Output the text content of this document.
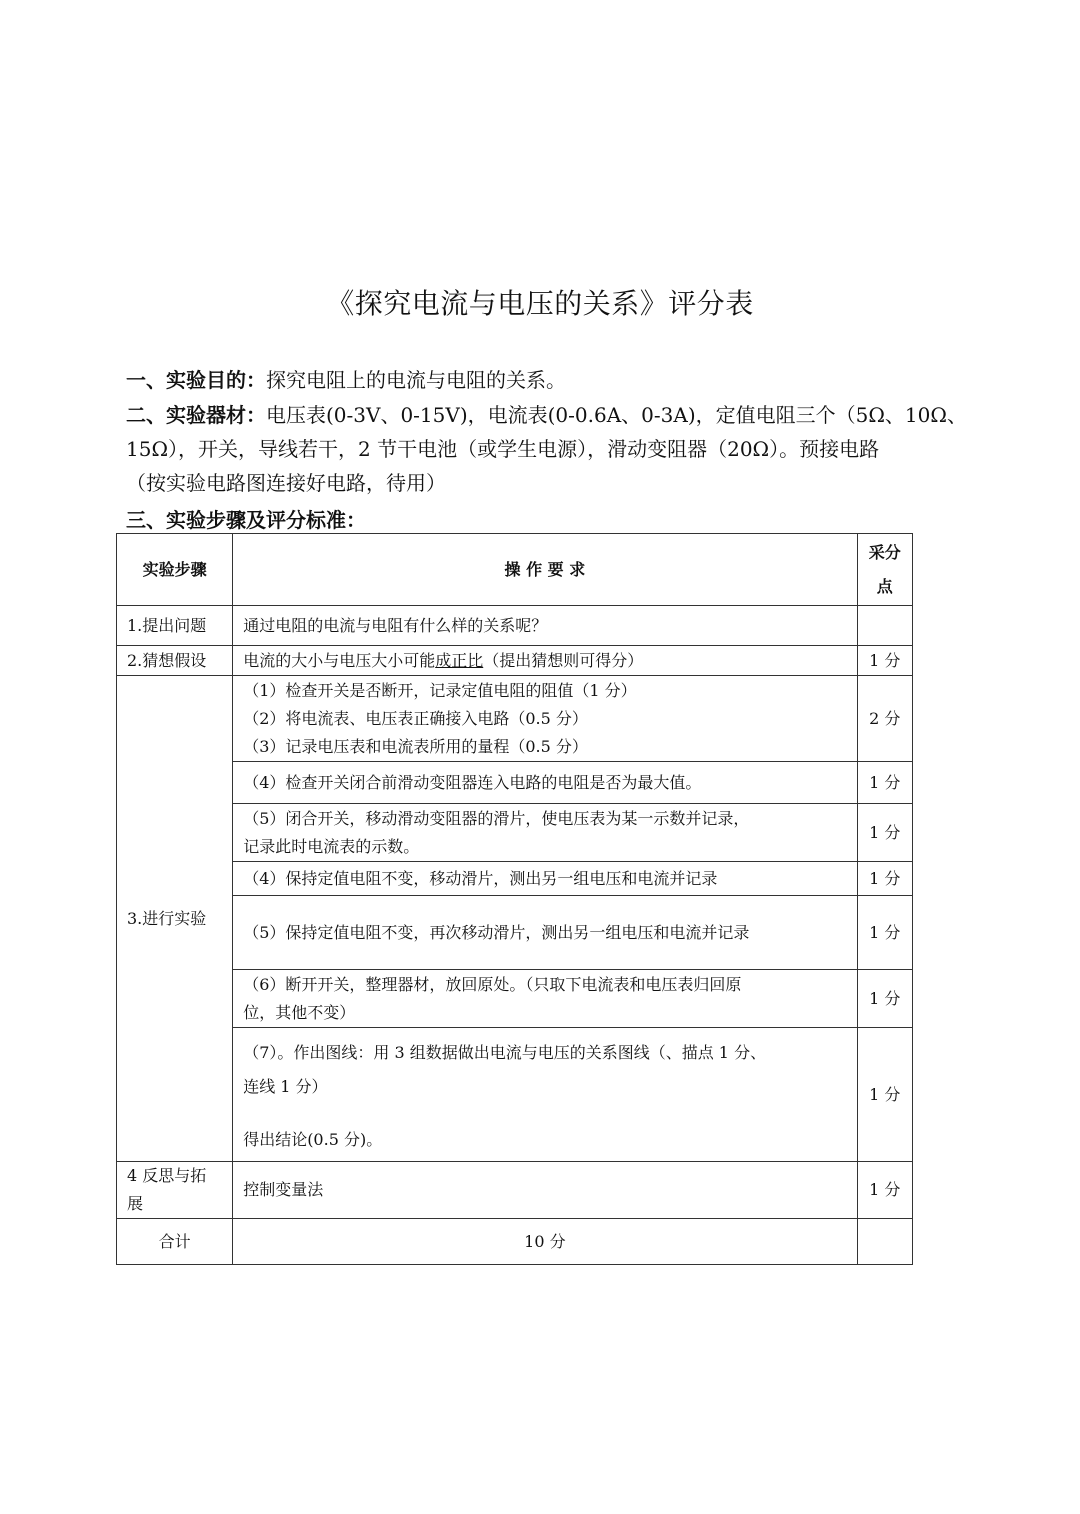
《探究电流与电压的关系》评分表
一、实验目的：探究电阻上的电流与电阻的关系。
二、实验器材：电压表(0-3V、0-15V)，电流表(0-0.6A、0-3A)，定值电阻三个（5Ω、10Ω、
15Ω），开关，导线若干，2 节干电池（或学生电源），滑动变阻器（20Ω）。预接电路
（按实验电路图连接好电路，待用）
三、实验步骤及评分标准：
实验步骤	操 作 要 求	采分
点
1.提出问题	通过电阻的电流与电阻有什么样的关系呢？	
2.猜想假设	电流的大小与电压大小可能成正比（提出猜想则可得分）	1 分
3.进行实验	（1）检查开关是否断开，记录定值电阻的阻值（1 分）
（2）将电流表、电压表正确接入电路（0.5 分）
（3）记录电压表和电流表所用的量程（0.5 分）	2 分
	（4）检查开关闭合前滑动变阻器连入电路的电阻是否为最大值。	1 分

	（5）闭合开关，移动滑动变阻器的滑片，使电压表为某一示数并记录，
记录此时电流表的示数。	1 分
	（4）保持定值电阻不变，移动滑片，测出另一组电压和电流并记录	1 分
	（5）保持定值电阻不变，再次移动滑片，测出另一组电压和电流并记录	1 分

	（6）断开开关，整理器材，放回原处。（只取下电流表和电压表归回原
位，其他不变）	1 分

	（7）。作出图线：用 3 组数据做出电流与电压的关系图线（、描点 1 分、
连线 1 分）
得出结论(0.5 分)。	1 分
4 反思与拓展	控制变量法	1 分
合计	10 分	
